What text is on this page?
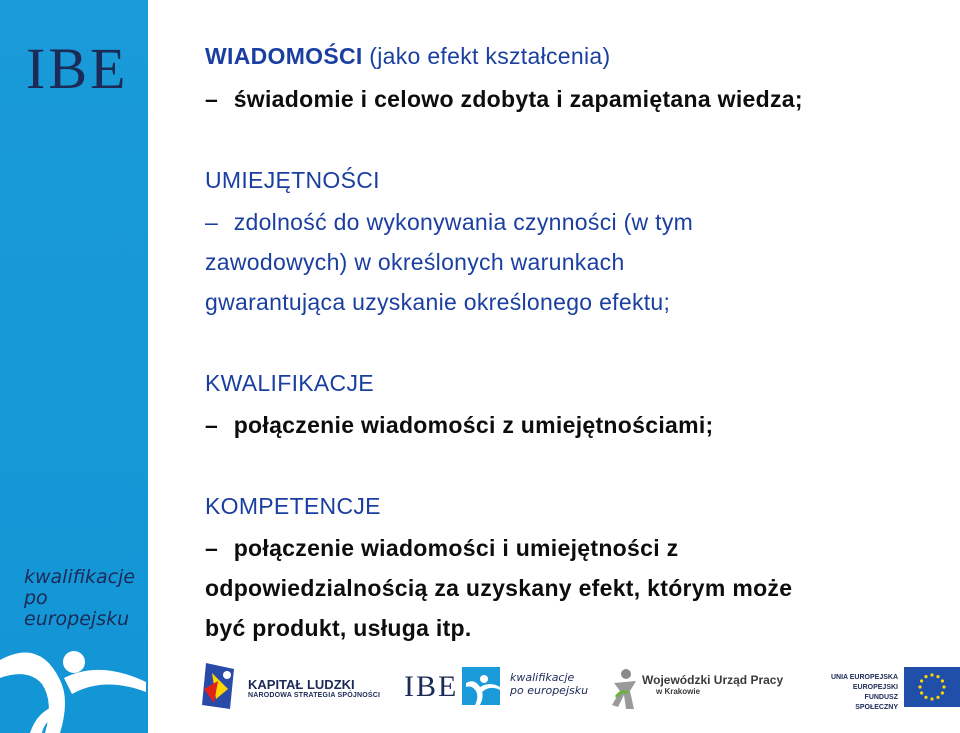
IBE
kwalifikacje
po europejsku
WIADOMOŚCI (jako efekt kształcenia)
– świadomie i celowo zdobyta i zapamiętana wiedza;
UMIEJĘTNOŚCI
– zdolność do wykonywania czynności (w tym
zawodowych) w określonych warunkach
gwarantująca uzyskanie określonego efektu;
KWALIFIKACJE
– połączenie wiadomości z umiejętnościami;
KOMPETENCJE
– połączenie wiadomości i umiejętności z
odpowiedzialnością za uzyskany efekt, którym może
być produkt, usługa itp.
KAPITAŁ LUDZKI
NARODOWA STRATEGIA SPÓJNOŚCI IBE	kwalifikacje
po europejsku
Wojewódzki Urząd Pracy
w Krakowie
UNIA EUROPEJSKA
EUROPEJSKI
FUNDUSZ SPOŁECZNY
